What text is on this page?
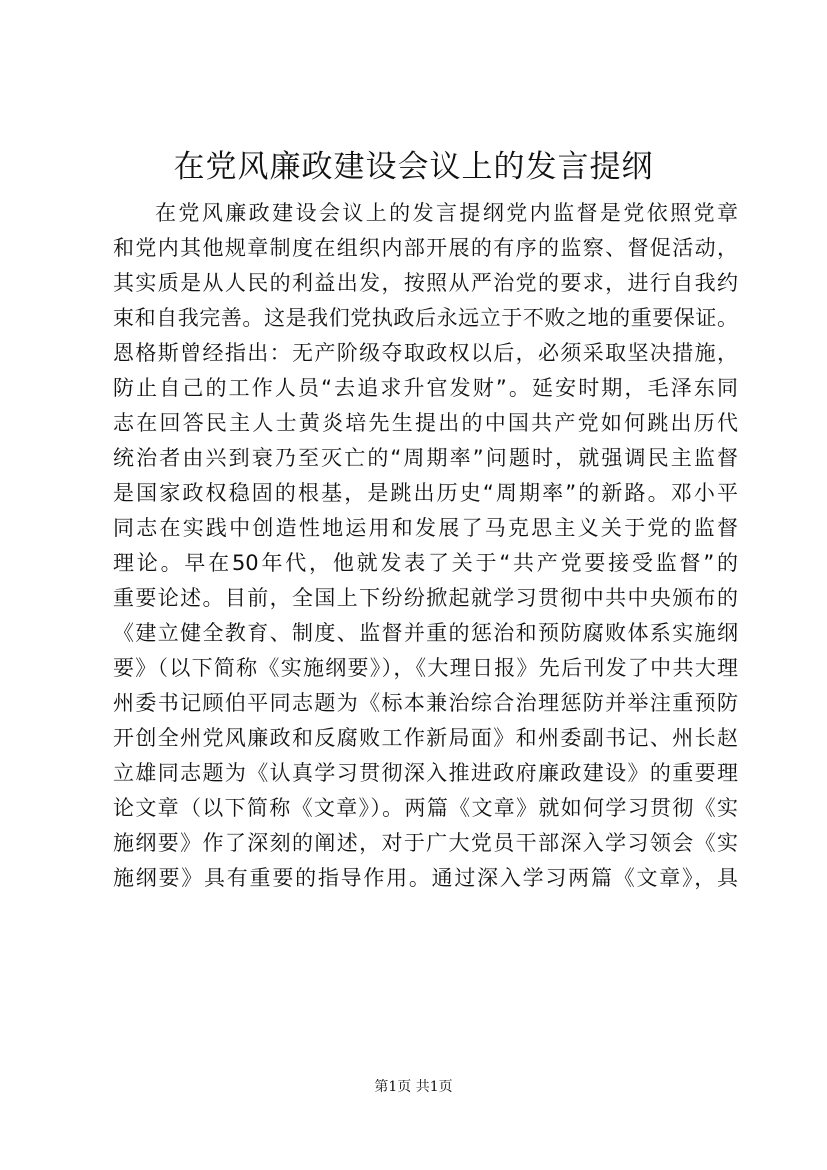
在党风廉政建设会议上的发言提纲
在党风廉政建设会议上的发言提纲党内监督是党依照党章
和党内其他规章制度在组织内部开展的有序的监察、督促活动，
其实质是从人民的利益出发，按照从严治党的要求，进行自我约
束和自我完善。这是我们党执政后永远立于不败之地的重要保证。
恩格斯曾经指出：无产阶级夺取政权以后，必须采取坚决措施，
防止自己的工作人员“去追求升官发财”。延安时期，毛泽东同
志在回答民主人士黄炎培先生提出的中国共产党如何跳出历代
统治者由兴到衰乃至灭亡的“周期率”问题时，就强调民主监督
是国家政权稳固的根基，是跳出历史“周期率”的新路。邓小平
同志在实践中创造性地运用和发展了马克思主义关于党的监督
理论。早在50年代，他就发表了关于“共产党要接受监督”的
重要论述。目前，全国上下纷纷掀起就学习贯彻中共中央颁布的
《建立健全教育、制度、监督并重的惩治和预防腐败体系实施纲
要》（以下简称《实施纲要》），《大理日报》先后刊发了中共大理
州委书记顾伯平同志题为《标本兼治综合治理惩防并举注重预防
开创全州党风廉政和反腐败工作新局面》和州委副书记、州长赵
立雄同志题为《认真学习贯彻深入推进政府廉政建设》的重要理
论文章（以下简称《文章》）。两篇《文章》就如何学习贯彻《实
施纲要》作了深刻的阐述，对于广大党员干部深入学习领会《实
施纲要》具有重要的指导作用。通过深入学习两篇《文章》，具
第1页 共1页
